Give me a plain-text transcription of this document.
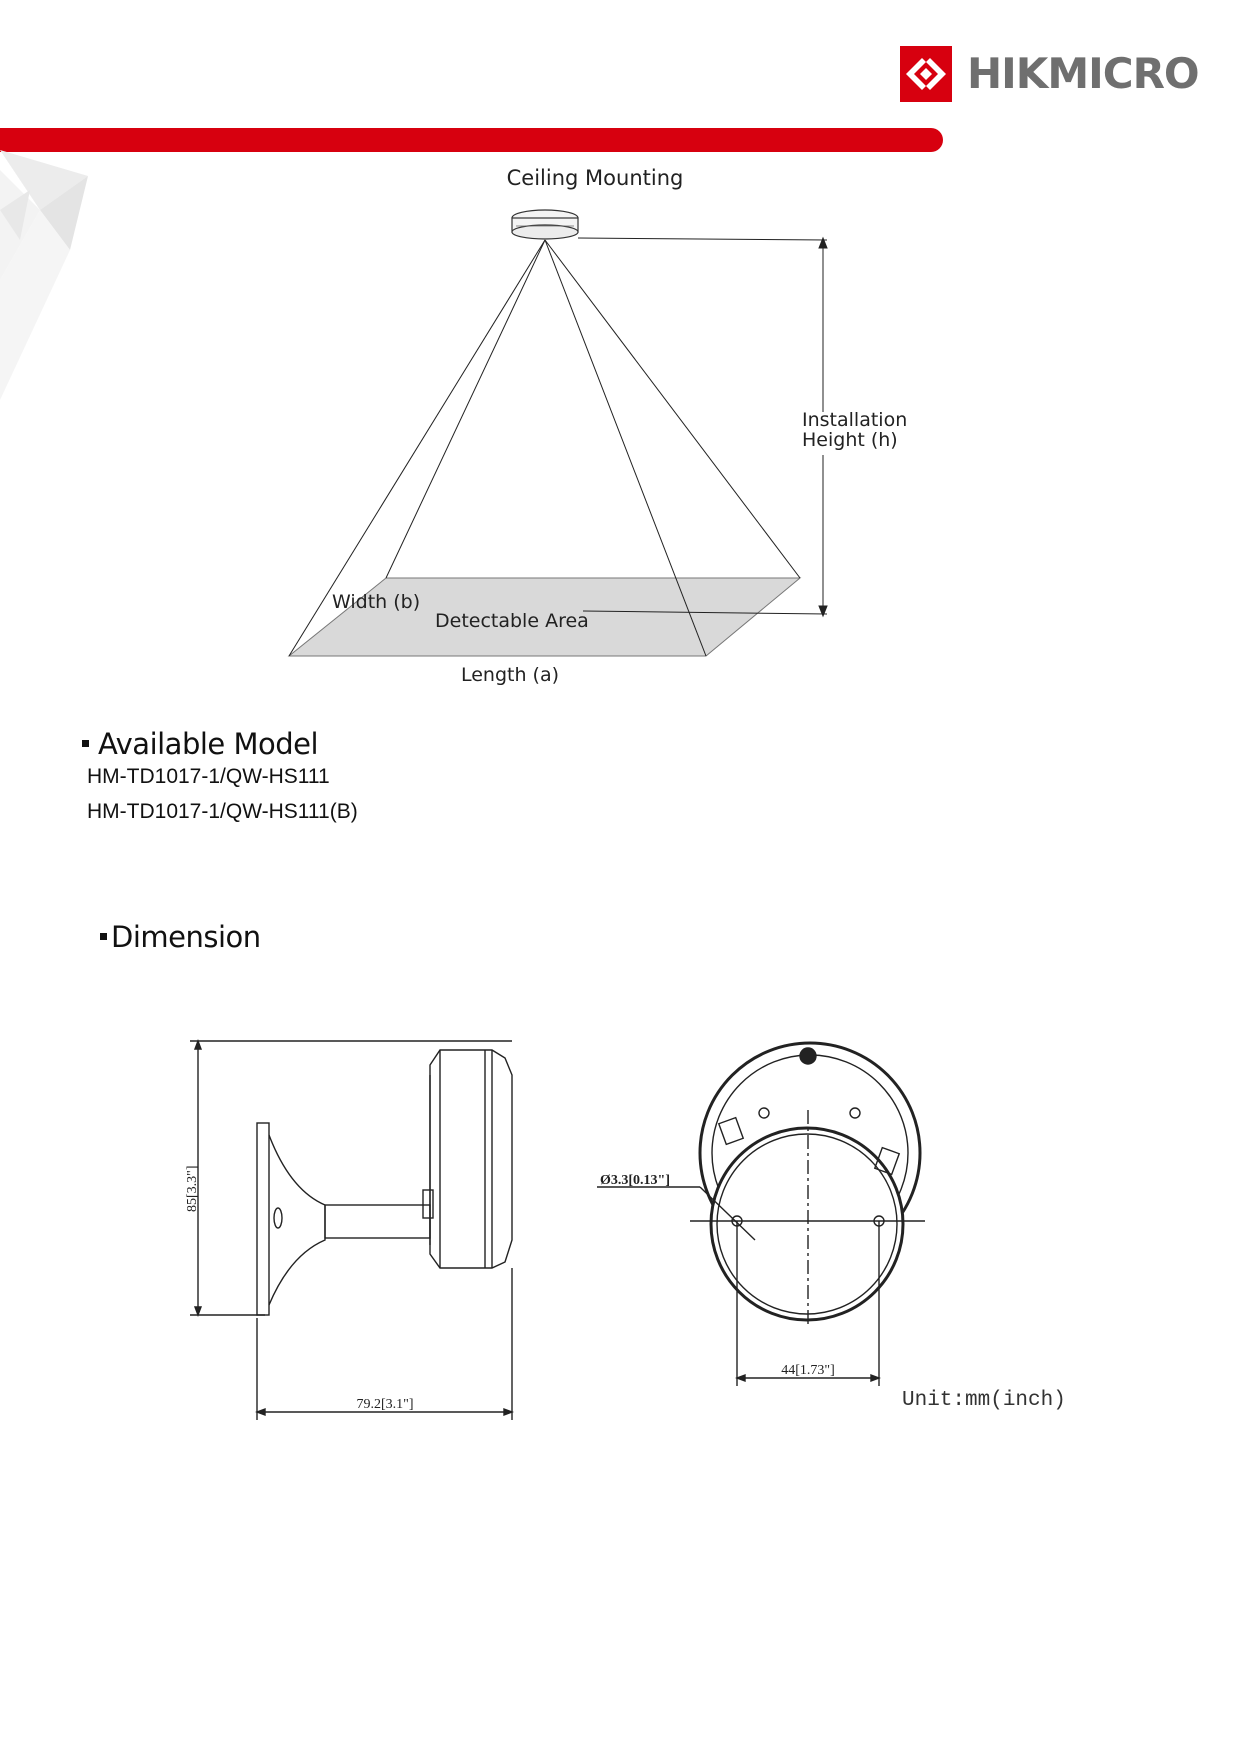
HIKMICRO
Ceiling Mounting
Installation
Height (h)
Width (b)
Detectable Area
Length (a)
Available Model
HM-TD1017-1/QW-HS111
HM-TD1017-1/QW-HS111(B)
Dimension
85[3.3"]
79.2[3.1"]
Ø3.3[0.13"]
44[1.73"]
Unit:mm(inch)
